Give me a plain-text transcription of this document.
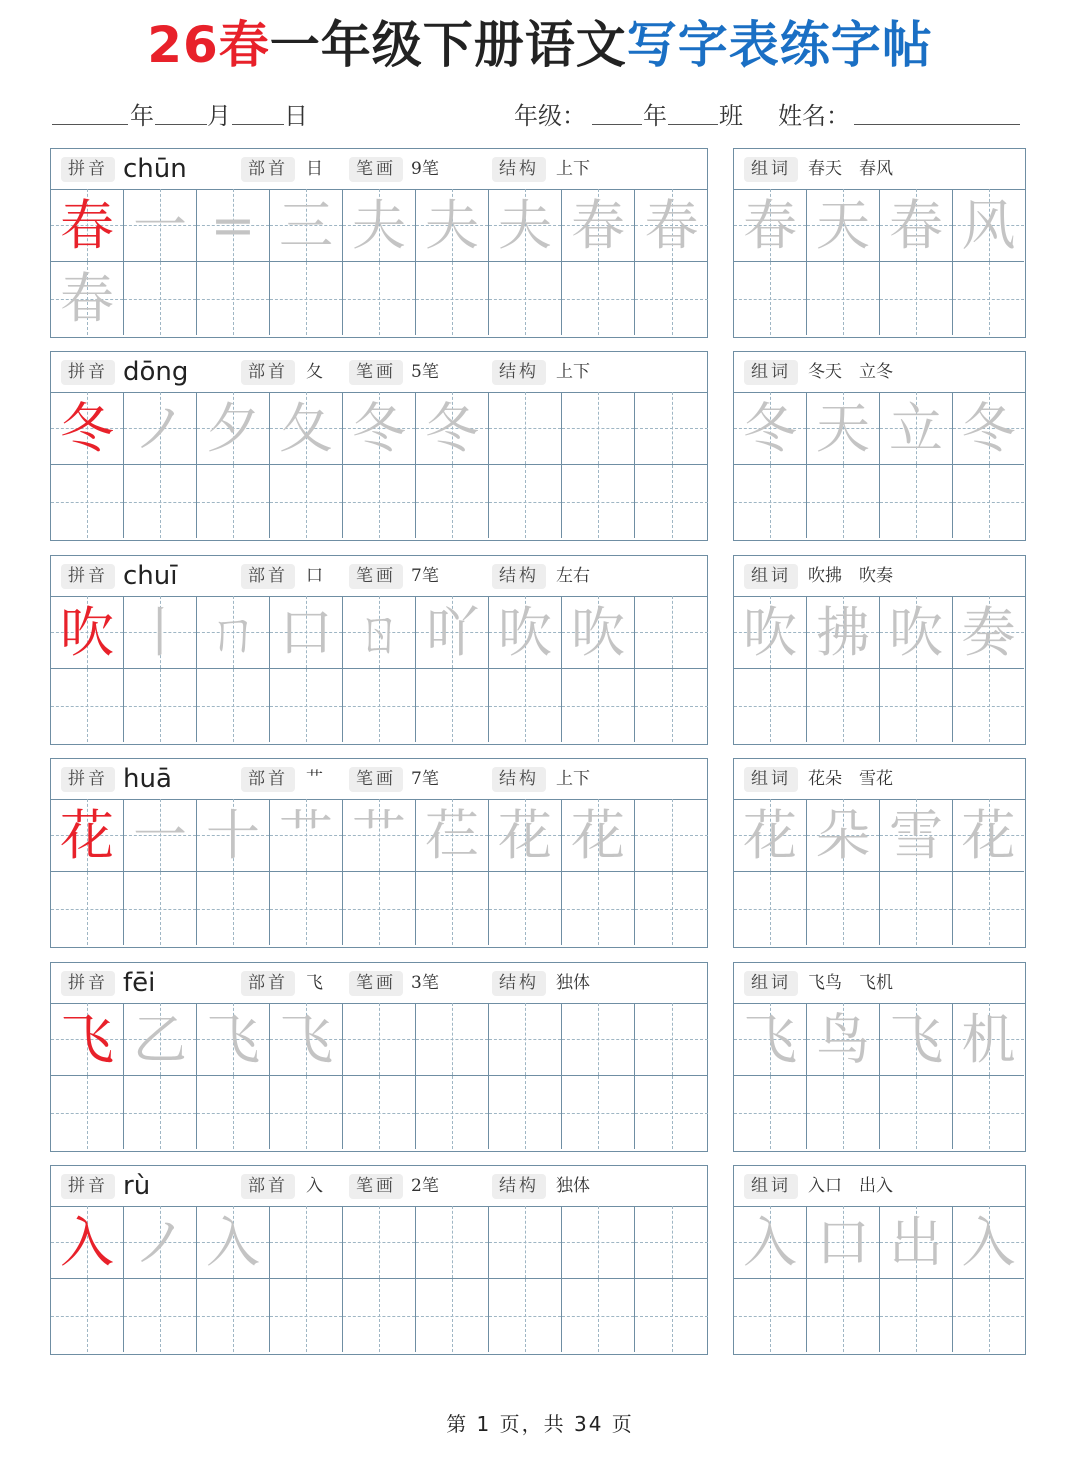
26春一年级下册语文写字表练字帖
年 月 日	年级： 年 班 姓名：
拼音 chūn	部首	日	笔画 9笔	结构	上下
春 一 = 三 夫 夫 夫 春 春
春
组词	春天　春风
春 天 春 风
拼音 dōng	部首	夂	笔画 5笔	结构	上下
冬 ノ 夕 夂 冬 冬
组词	冬天　立冬
冬 天 立 冬
拼音 chuī	部首	口	笔画 7笔	结构	左右
吹 丨 ㄇ 口 ㄖ 吖 吹 吹
组词	吹拂　吹奏
吹 拂 吹 奏
拼音 huā	部首	艹	笔画 7笔	结构	上下
花 一 十 艹 艹 芢 花 花
组词	花朵　雪花
花 朵 雪 花
拼音 fēi	部首	飞	笔画 3笔	结构	独体
飞 乙 飞 飞
组词	飞鸟　飞机
飞 鸟 飞 机
拼音 rù	部首	入	笔画 2笔	结构	独体
入 ノ 入
组词	入口　出入
入 口 出 入
第 1 页，共 34 页
